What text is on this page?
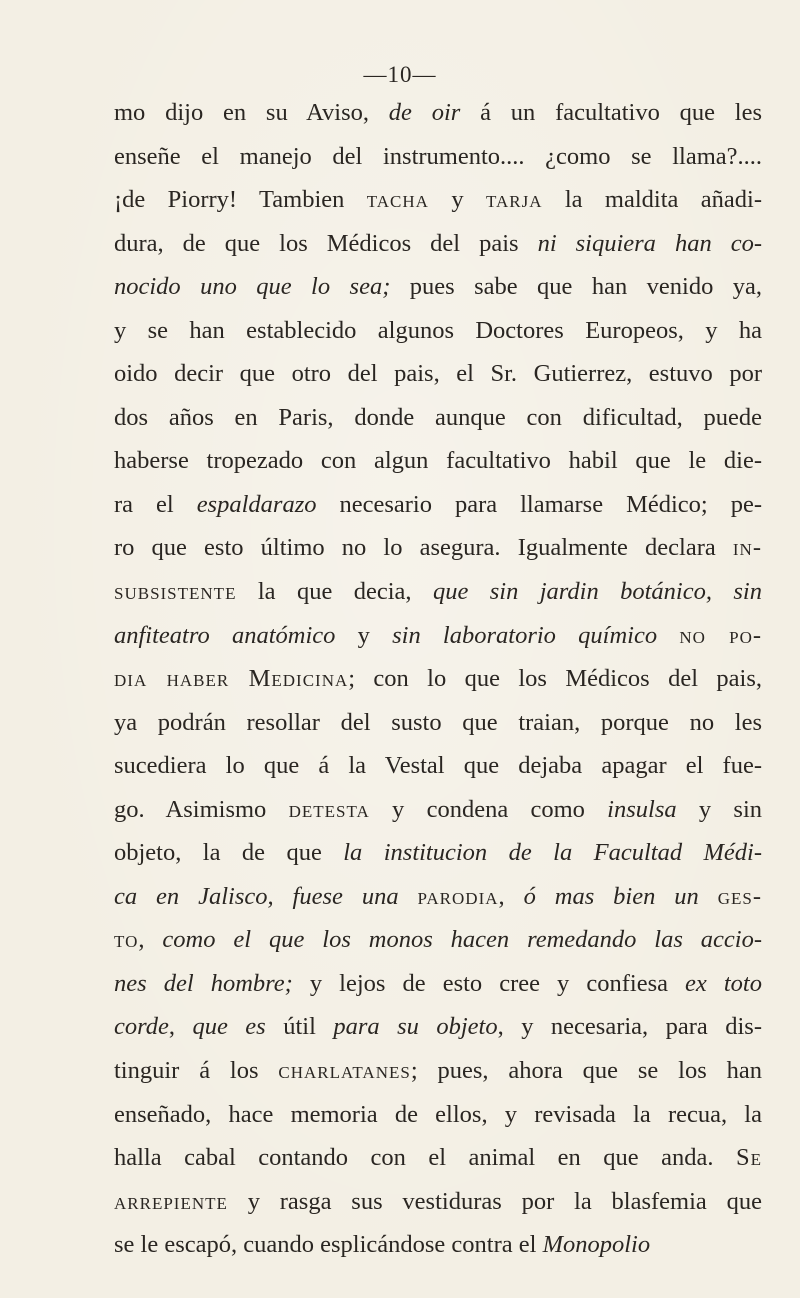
—10—
mo dijo en su Aviso, de oir á un facultativo que les
enseñe el manejo del instrumento.... ¿como se llama?....
¡de Piorry! Tambien tacha y tarja la maldita añadi-
dura, de que los Médicos del pais ni siquiera han co-
nocido uno que lo sea; pues sabe que han venido ya,
y se han establecido algunos Doctores Europeos, y ha
oido decir que otro del pais, el Sr. Gutierrez, estuvo por
dos años en Paris, donde aunque con dificultad, puede
haberse tropezado con algun facultativo habil que le die-
ra el espaldarazo necesario para llamarse Médico; pe-
ro que esto último no lo asegura. Igualmente declara in-
subsistente la que decia, que sin jardin botánico, sin
anfiteatro anatómico y sin laboratorio químico no po-
dia haber Medicina; con lo que los Médicos del pais,
ya podrán resollar del susto que traian, porque no les
sucediera lo que á la Vestal que dejaba apagar el fue-
go. Asimismo detesta y condena como insulsa y sin
objeto, la de que la institucion de la Facultad Médi-
ca en Jalisco, fuese una parodia, ó mas bien un ges-
to, como el que los monos hacen remedando las accio-
nes del hombre; y lejos de esto cree y confiesa ex toto
corde, que es útil para su objeto, y necesaria, para dis-
tinguir á los charlatanes; pues, ahora que se los han
enseñado, hace memoria de ellos, y revisada la recua, la
halla cabal contando con el animal en que anda. Se
arrepiente y rasga sus vestiduras por la blasfemia que
se le escapó, cuando esplicándose contra el Monopolio
